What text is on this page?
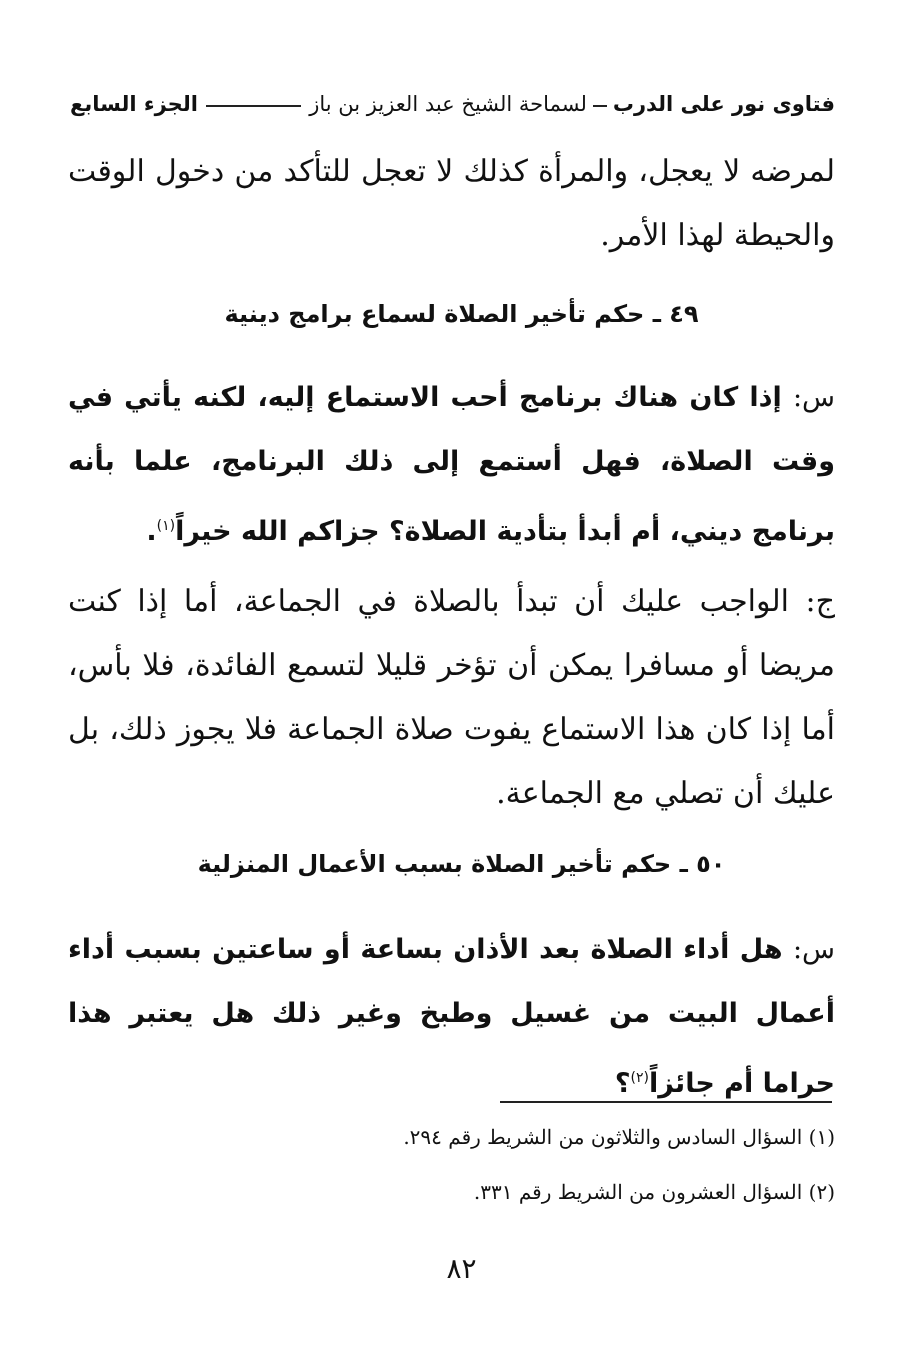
فتاوى نور على الدرب
لسماحة الشيخ عبد العزيز بن باز
الجزء السابع

لمرضه لا يعجل، والمرأة كذلك لا تعجل للتأكد من دخول الوقت والحيطة لهذا الأمر.

٤٩ ـ حكم تأخير الصلاة لسماع برامج دينية

س: إذا كان هناك برنامج أحب الاستماع إليه، لكنه يأتي في وقت الصلاة، فهل أستمع إلى ذلك البرنامج، علما بأنه برنامج ديني، أم أبدأ بتأدية الصلاة؟ جزاكم الله خيراً$^{(١)}$.

ج: الواجب عليك أن تبدأ بالصلاة في الجماعة، أما إذا كنت مريضا أو مسافرا يمكن أن تؤخر قليلا لتسمع الفائدة، فلا بأس، أما إذا كان هذا الاستماع يفوت صلاة الجماعة فلا يجوز ذلك، بل عليك أن تصلي مع الجماعة.

٥٠ ـ حكم تأخير الصلاة بسبب الأعمال المنزلية

س: هل أداء الصلاة بعد الأذان بساعة أو ساعتين بسبب أداء أعمال البيت من غسيل وطبخ وغير ذلك هل يعتبر هذا حراما أم جائزاً$^{(٢)}$؟

(١) السؤال السادس والثلاثون من الشريط رقم ٢٩٤.
(٢) السؤال العشرون من الشريط رقم ٣٣١.
٨٢
